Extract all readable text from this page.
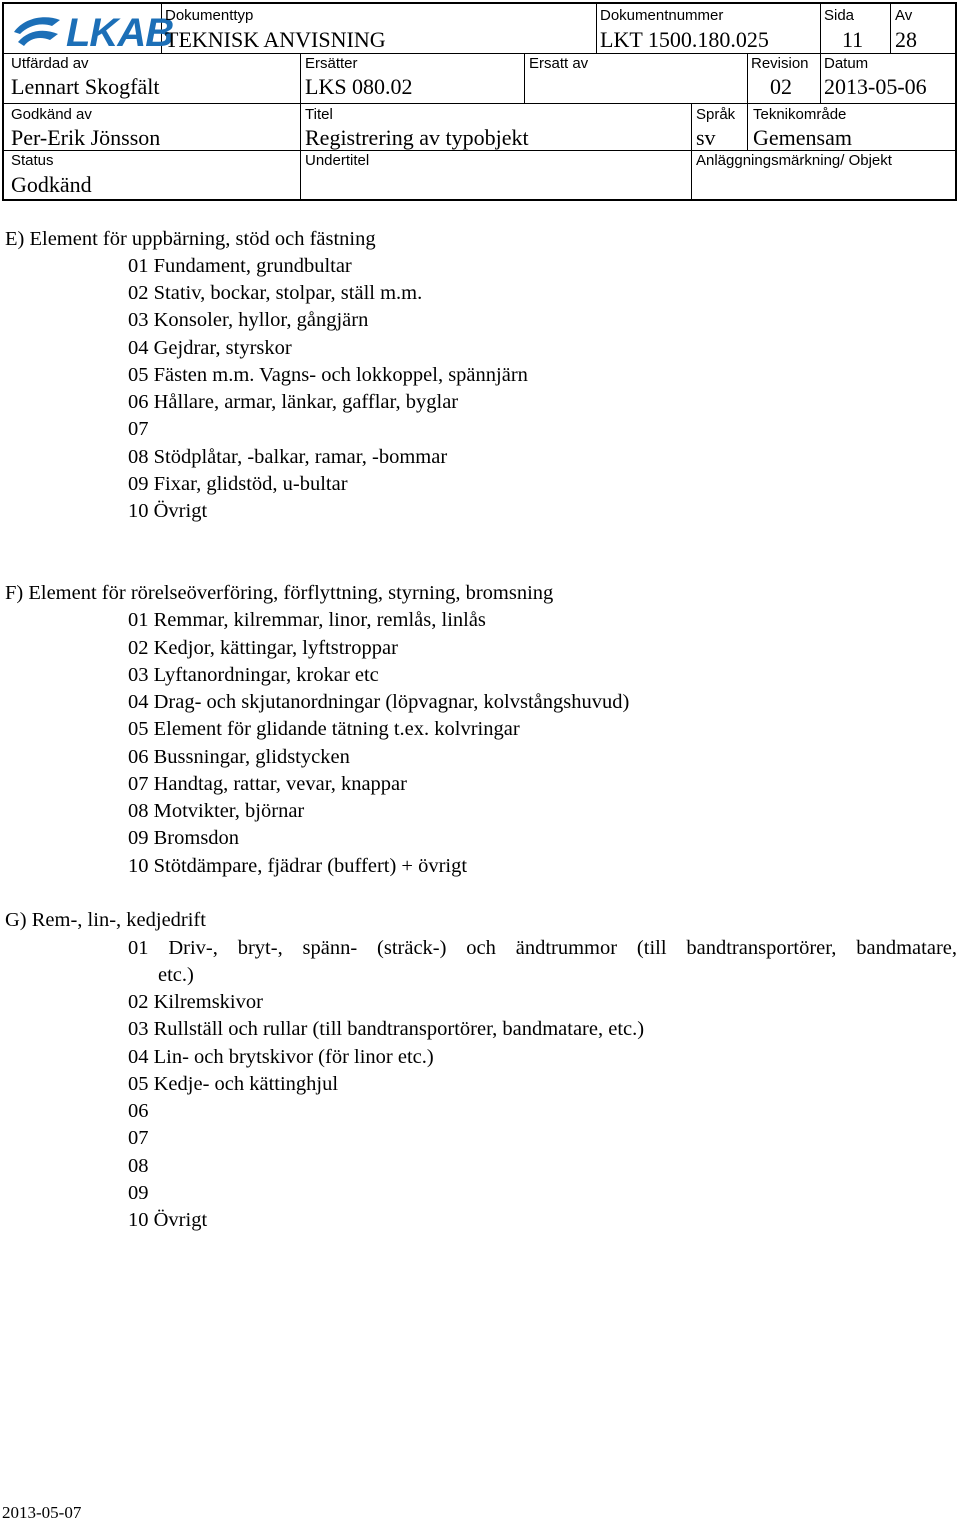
LKAB
Dokumenttyp
TEKNISK ANVISNING
Dokumentnummer
LKT 1500.180.025
Sida
11
Av
28
Utfärdad av
Lennart Skogfält
Ersätter
LKS 080.02
Ersatt av	Revision
02
Datum
2013-05-06
Godkänd av
Per-Erik Jönsson
Titel
Registrering av typobjekt
Språk
sv
Teknikområde
Gemensam
Status
Godkänd
Undertitel	Anläggningsmärkning/ Objekt
E) Element för uppbärning, stöd och fästning
01 Fundament, grundbultar
02 Stativ, bockar, stolpar, ställ m.m.
03 Konsoler, hyllor, gångjärn
04 Gejdrar, styrskor
05 Fästen m.m. Vagns- och lokkoppel, spännjärn
06 Hållare, armar, länkar, gafflar, byglar
07
08 Stödplåtar, -balkar, ramar, -bommar
09 Fixar, glidstöd, u-bultar
10 Övrigt
F) Element för rörelseöverföring, förflyttning, styrning, bromsning
01 Remmar, kilremmar, linor, remlås, linlås
02 Kedjor, kättingar, lyftstroppar
03 Lyftanordningar, krokar etc
04 Drag- och skjutanordningar (löpvagnar, kolvstångshuvud)
05 Element för glidande tätning t.ex. kolvringar
06 Bussningar, glidstycken
07 Handtag, rattar, vevar, knappar
08 Motvikter, björnar
09 Bromsdon
10 Stötdämpare, fjädrar (buffert) + övrigt
G) Rem-, lin-, kedjedrift
01 Driv-, bryt-, spänn- (sträck-) och ändtrummor (till bandtransportörer, bandmatare,
etc.)
02 Kilremskivor
03 Rullställ och rullar (till bandtransportörer, bandmatare, etc.)
04 Lin- och brytskivor (för linor etc.)
05 Kedje- och kättinghjul
06
07
08
09
10 Övrigt
2013-05-07
